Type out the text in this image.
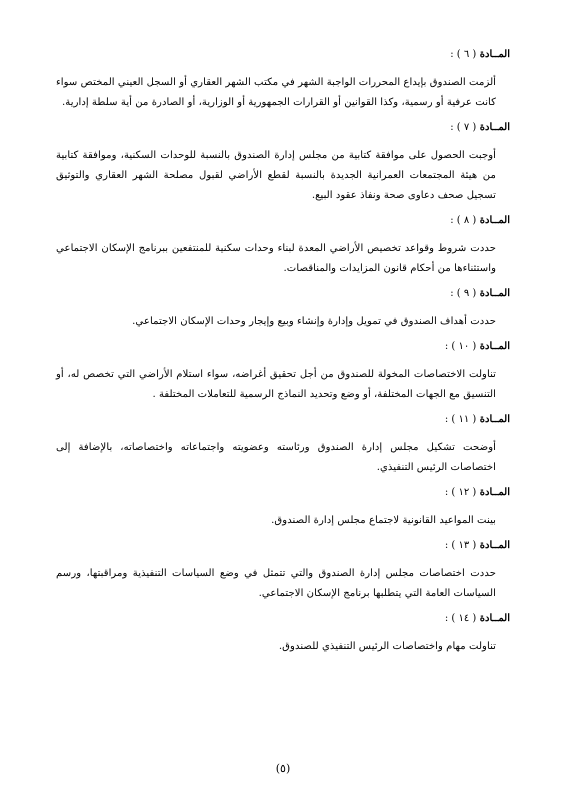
المــادة ( ٦ ) :

ألزمت الصندوق بإيداع المحررات الواجبة الشهر في مكتب الشهر العقاري أو السجل العيني المختص سواء كانت عرفية أو رسمية، وكذا القوانين أو القرارات الجمهورية أو الوزارية، أو الصادرة من أية سلطة إدارية.

المــادة ( ٧ ) :

أوجبت الحصول على موافقة كتابية من مجلس إدارة الصندوق بالنسبة للوحدات السكنية، وموافقة كتابية من هيئة المجتمعات العمرانية الجديدة بالنسبة لقطع الأراضي لقبول مصلحة الشهر العقاري والتوثيق تسجيل صحف دعاوى صحة ونفاذ عقود البيع.

المــادة ( ٨ ) :

حددت شروط وقواعد تخصيص الأراضي المعدة لبناء وحدات سكنية للمنتفعين ببرنامج الإسكان الاجتماعي واستثناءها من أحكام قانون المزايدات والمناقصات.

المــادة ( ٩ ) :

حددت أهداف الصندوق في تمويل وإدارة وإنشاء وبيع وإيجار وحدات الإسكان الاجتماعي.

المــادة ( ١٠ ) :

تناولت الاختصاصات المخولة للصندوق من أجل تحقيق أغراضه، سواء استلام الأراضي التي تخصص له، أو التنسيق مع الجهات المختلفة، أو وضع وتحديد النماذج الرسمية للتعاملات المختلفة .

المــادة ( ١١ ) :

أوضحت تشكيل مجلس إدارة الصندوق ورئاسته وعضويته واجتماعاته واختصاصاته، بالإضافة إلى اختصاصات الرئيس التنفيذي.

المــادة ( ١٢ ) :

بينت المواعيد القانونية لاجتماع مجلس إدارة الصندوق.

المــادة ( ١٣ ) :

حددت اختصاصات مجلس إدارة الصندوق والتي تتمثل في وضع السياسات التنفيذية ومراقبتها، ورسم السياسات العامة التي يتطلبها برنامج الإسكان الاجتماعي.

المــادة ( ١٤ ) :

تناولت مهام واختصاصات الرئيس التنفيذي للصندوق.

(٥)
